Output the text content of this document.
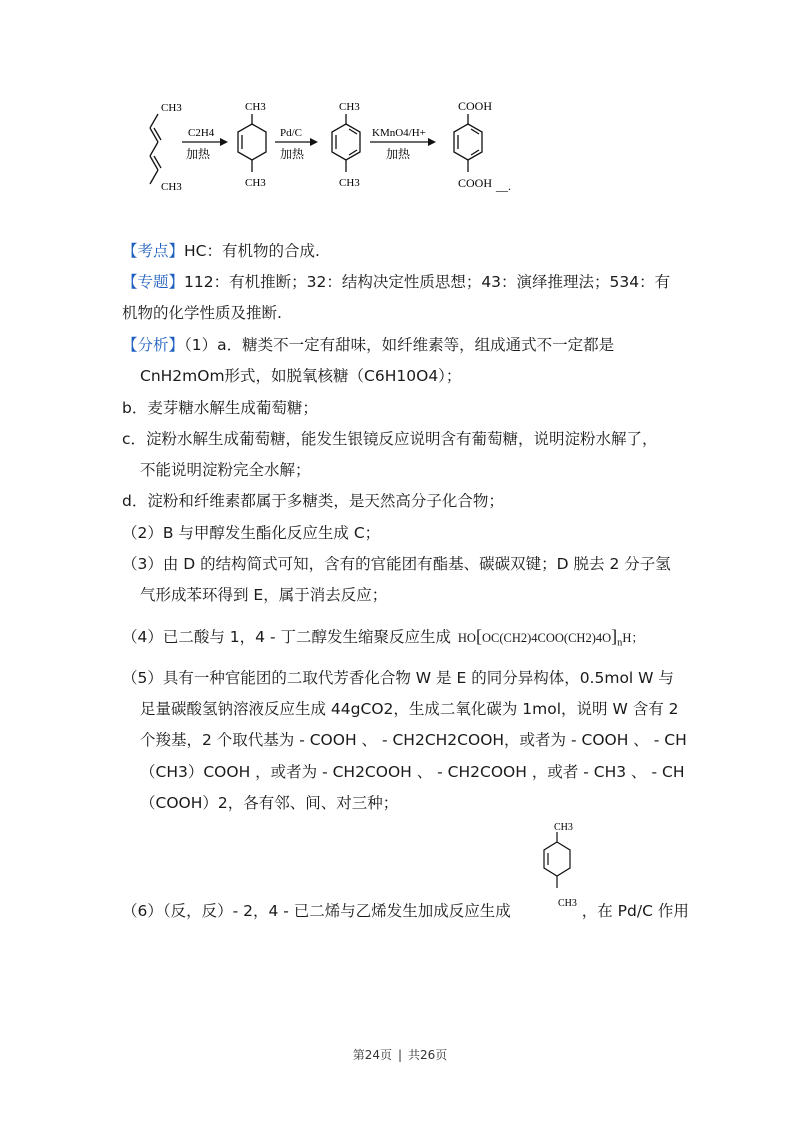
CH3
CH3
C2H4
加热
CH3
CH3
Pd/C
加热
CH3
CH3
KMnO4/H+
加热
COOH
COOH __.
【考点】HC：有机物的合成.
【专题】112：有机推断；32：结构决定性质思想；43：演绎推理法；534：有
机物的化学性质及推断.
【分析】（1）a．糖类不一定有甜味，如纤维素等，组成通式不一定都是
CnH2mOm形式，如脱氧核糖（C6H10O4）；
b．麦芽糖水解生成葡萄糖；
c．淀粉水解生成葡萄糖，能发生银镜反应说明含有葡萄糖，说明淀粉水解了，
不能说明淀粉完全水解；
d．淀粉和纤维素都属于多糖类，是天然高分子化合物；
（2）B 与甲醇发生酯化反应生成 C；
（3）由 D 的结构简式可知，含有的官能团有酯基、碳碳双键；D 脱去 2 分子氢
气形成苯环得到 E，属于消去反应；
（4）已二酸与 1，4 - 丁二醇发生缩聚反应生成 $HO[OC(CH2)4COO(CH2)4O]_nH$；
（5）具有一种官能团的二取代芳香化合物 W 是 E 的同分异构体，0.5mol W 与
足量碳酸氢钠溶液反应生成 44gCO2，生成二氧化碳为 1mol，说明 W 含有 2
个羧基，2 个取代基为 - COOH 、 - CH2CH2COOH，或者为 - COOH 、 - CH
（CH3）COOH ，或者为 - CH2COOH 、 - CH2COOH ，或者 - CH3 、 - CH
（COOH）2，各有邻、间、对三种；
CH3
CH3
（6）（反，反）- 2，4 - 已二烯与乙烯发生加成反应生成	，在 Pd/C 作用
第24页 | 共26页
